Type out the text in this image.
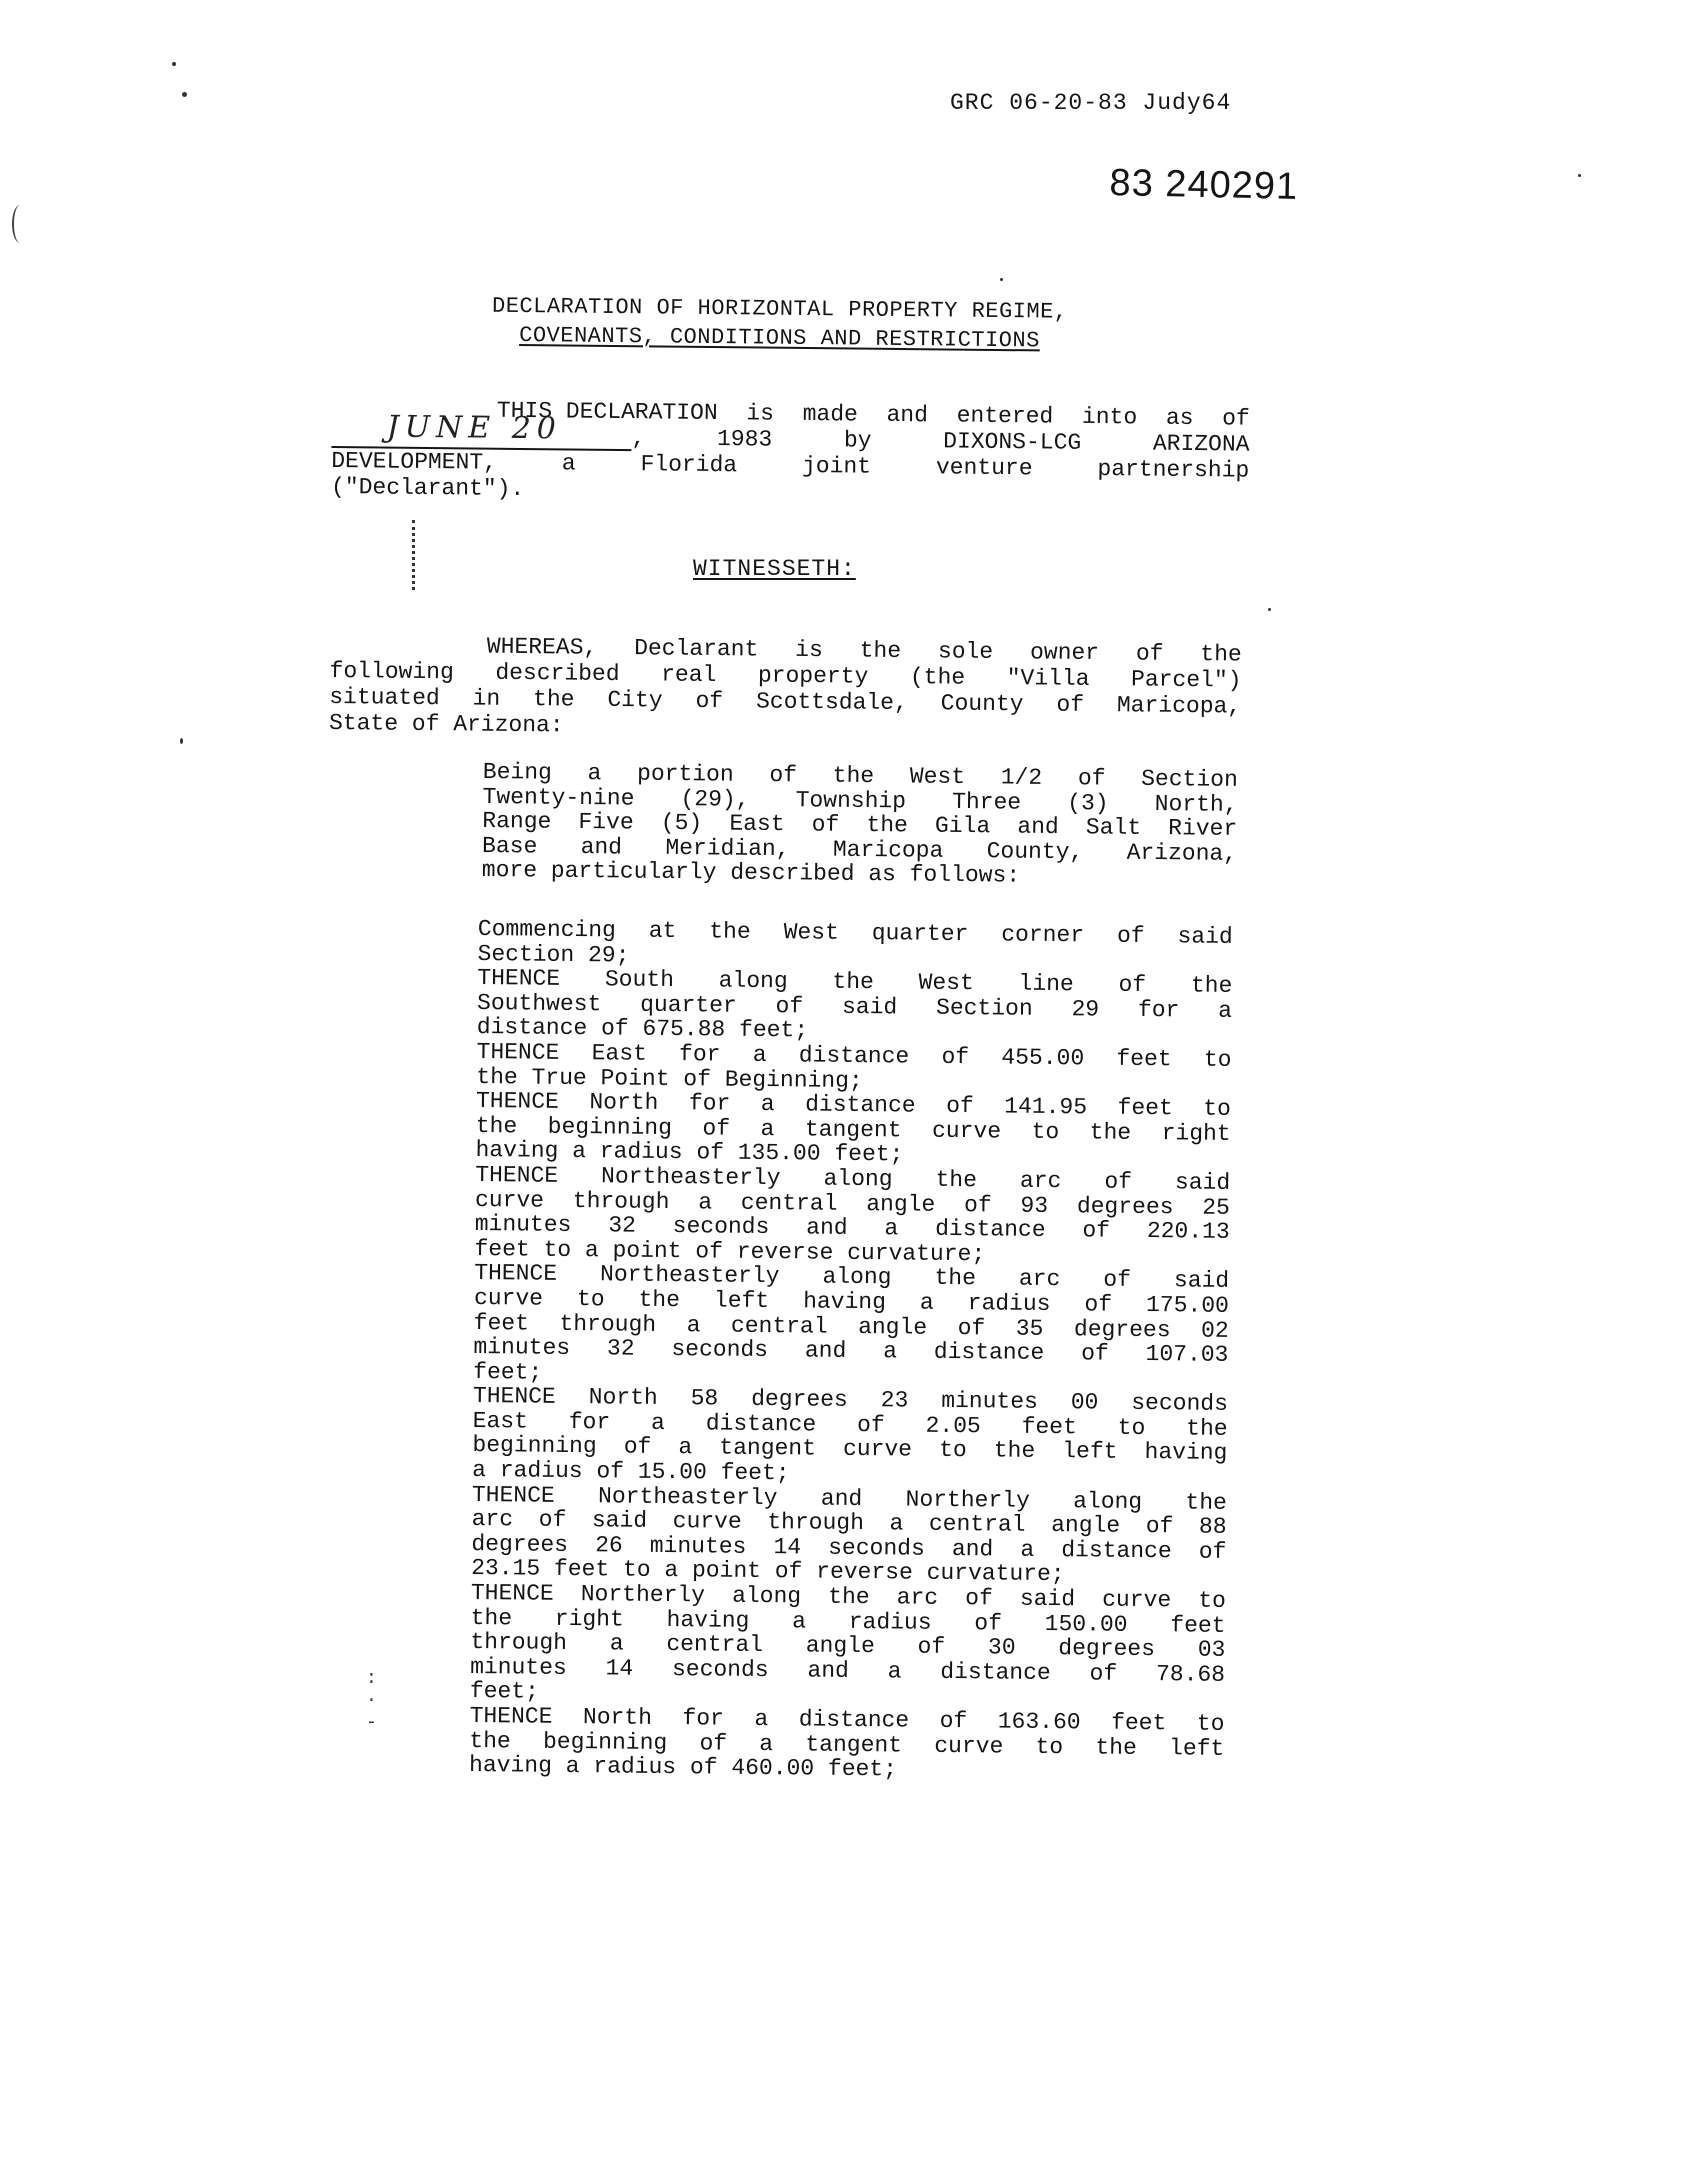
GRC 06-20-83 Judy64
83 240291
DECLARATION OF HORIZONTAL PROPERTY REGIME,
COVENANTS, CONDITIONS AND RESTRICTIONS
THIS DECLARATION is made and entered into as of
JUNE 20	,	1983	by	DIXONS-LCG	ARIZONA
DEVELOPMENT,	a	Florida	joint	venture	partnership
("Declarant").
WITNESSETH:
WHEREAS, Declarant is the sole owner of the
following described real property (the "Villa Parcel")
situated in the City of Scottsdale, County of Maricopa,
State of Arizona:
Being a portion of the West 1/2 of Section
Twenty-nine (29), Township Three (3) North,
Range Five (5) East of the Gila and Salt River
Base and Meridian, Maricopa County, Arizona,
more particularly described as follows:
Commencing at the West quarter corner of said
Section 29;
THENCE South along the West line of the
Southwest quarter of said Section 29 for a
distance of 675.88 feet;
THENCE East for a distance of 455.00 feet to
the True Point of Beginning;
THENCE North for a distance of 141.95 feet to
the beginning of a tangent curve to the right
having a radius of 135.00 feet;
THENCE Northeasterly along the arc of said
curve through a central angle of 93 degrees 25
minutes 32 seconds and a distance of 220.13
feet to a point of reverse curvature;
THENCE Northeasterly along the arc of said
curve to the left having a radius of 175.00
feet through a central angle of 35 degrees 02
minutes 32 seconds and a distance of 107.03
feet;
THENCE North 58 degrees 23 minutes 00 seconds
East for a distance of 2.05 feet to the
beginning of a tangent curve to the left having
a radius of 15.00 feet;
THENCE Northeasterly and Northerly along the
arc of said curve through a central angle of 88
degrees 26 minutes 14 seconds and a distance of
23.15 feet to a point of reverse curvature;
THENCE Northerly along the arc of said curve to
the right having a radius of 150.00 feet
through a central angle of 30 degrees 03
minutes 14 seconds and a distance of 78.68
feet;
THENCE North for a distance of 163.60 feet to
the beginning of a tangent curve to the left
having a radius of 460.00 feet;
:
·
-
